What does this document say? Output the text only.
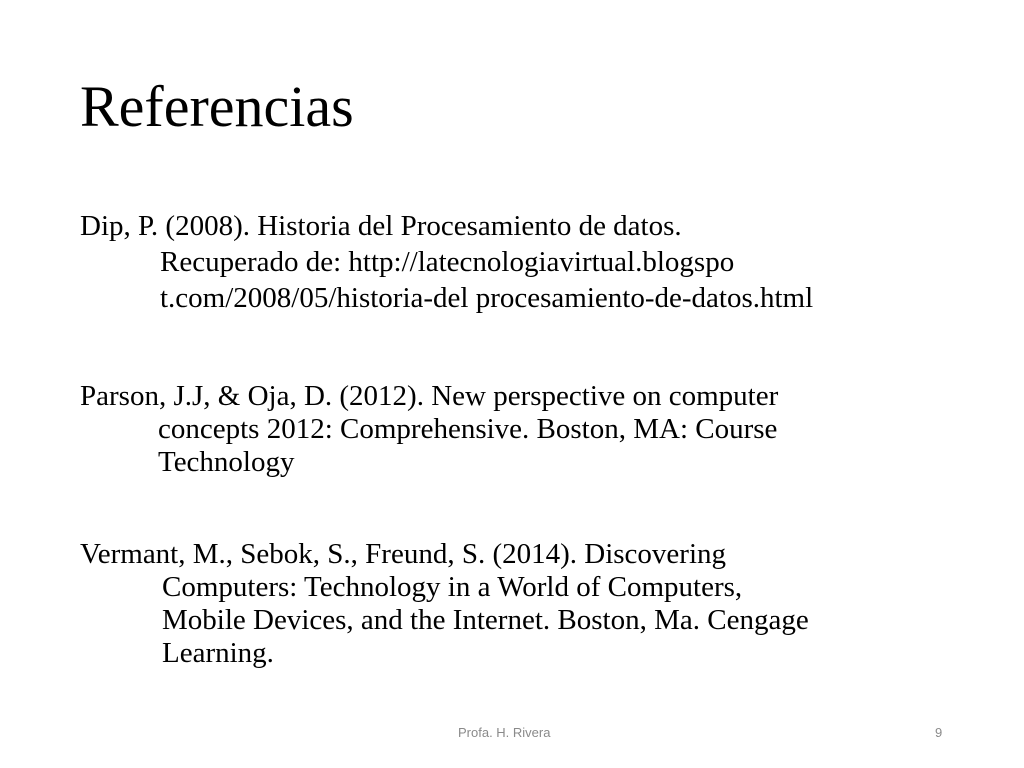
Referencias

Dip, P. (2008). Historia del Procesamiento de datos.
Recuperado de: http://latecnologiavirtual.blogspo
t.com/2008/05/historia-del procesamiento-de-datos.html

Parson, J.J, & Oja, D. (2012). New perspective on computer
concepts 2012: Comprehensive. Boston, MA: Course
Technology

Vermant, M., Sebok, S., Freund, S. (2014). Discovering
Computers: Technology in a World of Computers,
Mobile Devices, and the Internet. Boston, Ma. Cengage
Learning.

Profa. H. Rivera	9
